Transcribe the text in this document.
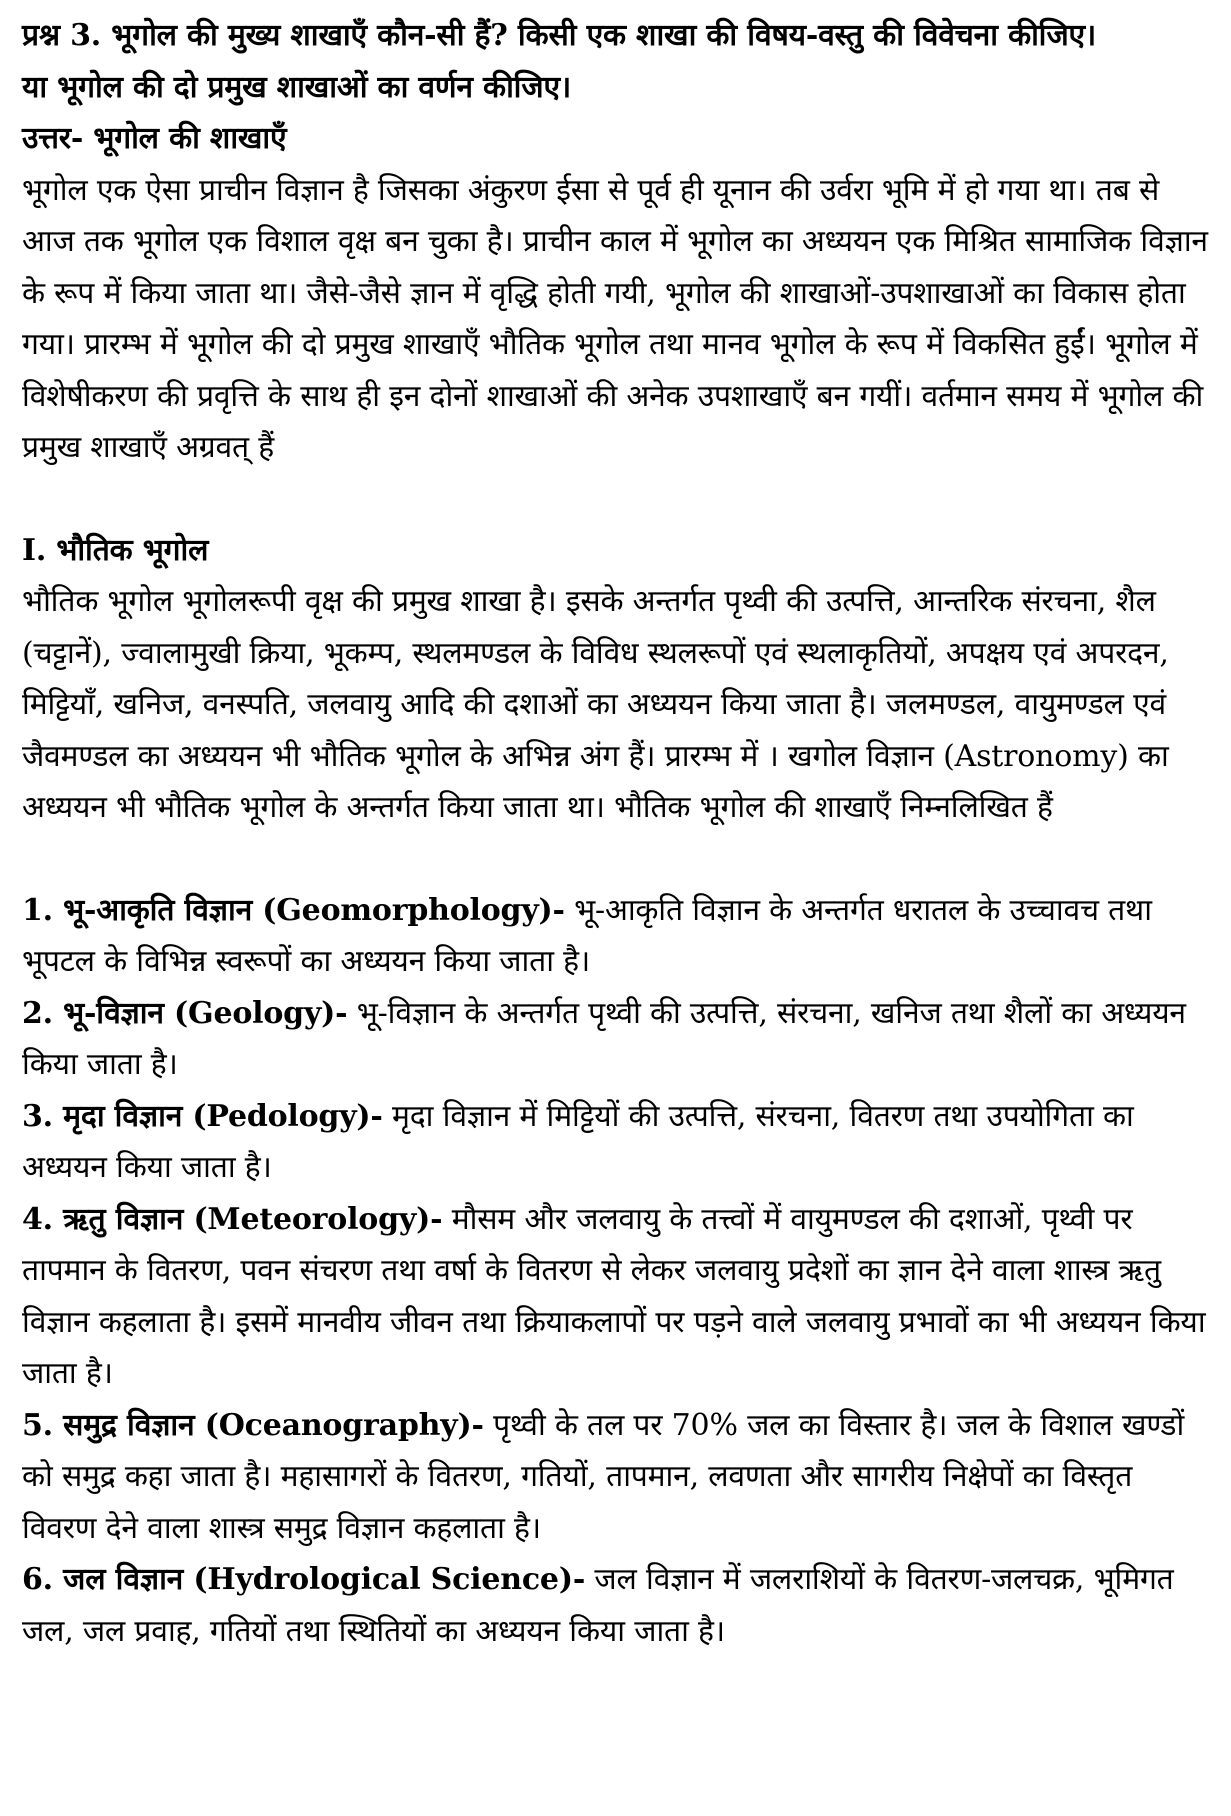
प्रश्न 3. भूगोल की मुख्य शाखाएँ कौन-सी हैं? किसी एक शाखा की विषय-वस्तु की विवेचना कीजिए।

या भूगोल की दो प्रमुख शाखाओं का वर्णन कीजिए।

उत्तर- भूगोल की शाखाएँ

भूगोल एक ऐसा प्राचीन विज्ञान है जिसका अंकुरण ईसा से पूर्व ही यूनान की उर्वरा भूमि में हो गया था। तब से आज तक भूगोल एक विशाल वृक्ष बन चुका है। प्राचीन काल में भूगोल का अध्ययन एक मिश्रित सामाजिक विज्ञान के रूप में किया जाता था। जैसे-जैसे ज्ञान में वृद्धि होती गयी, भूगोल की शाखाओं-उपशाखाओं का विकास होता गया। प्रारम्भ में भूगोल की दो प्रमुख शाखाएँ भौतिक भूगोल तथा मानव भूगोल के रूप में विकसित हुईं। भूगोल में विशेषीकरण की प्रवृत्ति के साथ ही इन दोनों शाखाओं की अनेक उपशाखाएँ बन गयीं। वर्तमान समय में भूगोल की प्रमुख शाखाएँ अग्रवत् हैं

I. भौतिक भूगोल

भौतिक भूगोल भूगोलरूपी वृक्ष की प्रमुख शाखा है। इसके अन्तर्गत पृथ्वी की उत्पत्ति, आन्तरिक संरचना, शैल (चट्टानें), ज्वालामुखी क्रिया, भूकम्प, स्थलमण्डल के विविध स्थलरूपों एवं स्थलाकृतियों, अपक्षय एवं अपरदन, मिट्टियाँ, खनिज, वनस्पति, जलवायु आदि की दशाओं का अध्ययन किया जाता है। जलमण्डल, वायुमण्डल एवं जैवमण्डल का अध्ययन भी भौतिक भूगोल के अभिन्न अंग हैं। प्रारम्भ में । खगोल विज्ञान (Astronomy) का अध्ययन भी भौतिक भूगोल के अन्तर्गत किया जाता था। भौतिक भूगोल की शाखाएँ निम्नलिखित हैं

1. भू-आकृति विज्ञान (Geomorphology)- भू-आकृति विज्ञान के अन्तर्गत धरातल के उच्चावच तथा भूपटल के विभिन्न स्वरूपों का अध्ययन किया जाता है।

2. भू-विज्ञान (Geology)- भू-विज्ञान के अन्तर्गत पृथ्वी की उत्पत्ति, संरचना, खनिज तथा शैलों का अध्ययन किया जाता है।

3. मृदा विज्ञान (Pedology)- मृदा विज्ञान में मिट्टियों की उत्पत्ति, संरचना, वितरण तथा उपयोगिता का अध्ययन किया जाता है।

4. ऋतु विज्ञान (Meteorology)- मौसम और जलवायु के तत्त्वों में वायुमण्डल की दशाओं, पृथ्वी पर तापमान के वितरण, पवन संचरण तथा वर्षा के वितरण से लेकर जलवायु प्रदेशों का ज्ञान देने वाला शास्त्र ऋतु विज्ञान कहलाता है। इसमें मानवीय जीवन तथा क्रियाकलापों पर पड़ने वाले जलवायु प्रभावों का भी अध्ययन किया जाता है।

5. समुद्र विज्ञान (Oceanography)- पृथ्वी के तल पर 70% जल का विस्तार है। जल के विशाल खण्डों को समुद्र कहा जाता है। महासागरों के वितरण, गतियों, तापमान, लवणता और सागरीय निक्षेपों का विस्तृत विवरण देने वाला शास्त्र समुद्र विज्ञान कहलाता है।

6. जल विज्ञान (Hydrological Science)- जल विज्ञान में जलराशियों के वितरण-जलचक्र, भूमिगत जल, जल प्रवाह, गतियों तथा स्थितियों का अध्ययन किया जाता है।
